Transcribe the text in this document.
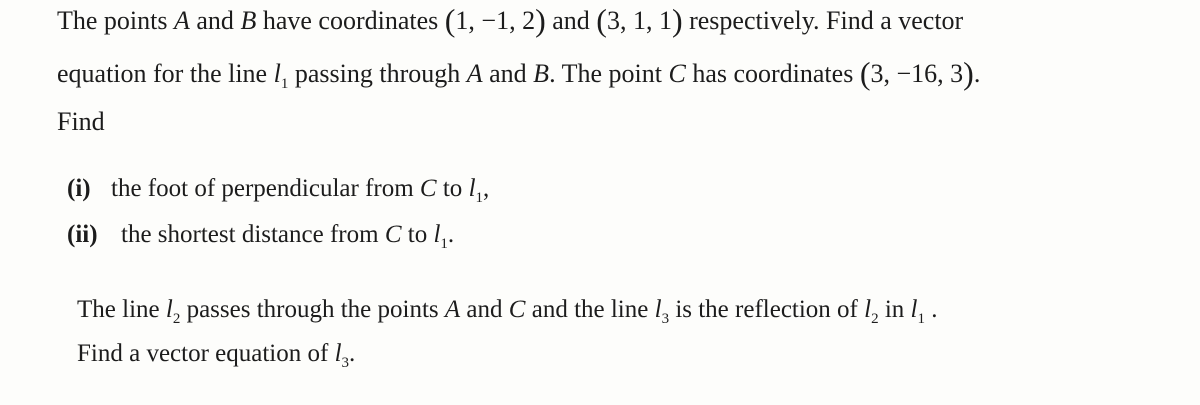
The points A and B have coordinates (1, −1, 2) and (3, 1, 1) respectively. Find a vector
equation for the line $l_1$ passing through A and B. The point C has coordinates (3, −16, 3).
Find
(i) the foot of perpendicular from C to $l_1$,
(ii) the shortest distance from C to $l_1$.
The line $l_2$ passes through the points A and C and the line $l_3$ is the reflection of $l_2$ in $l_1$ .
Find a vector equation of $l_3$.
